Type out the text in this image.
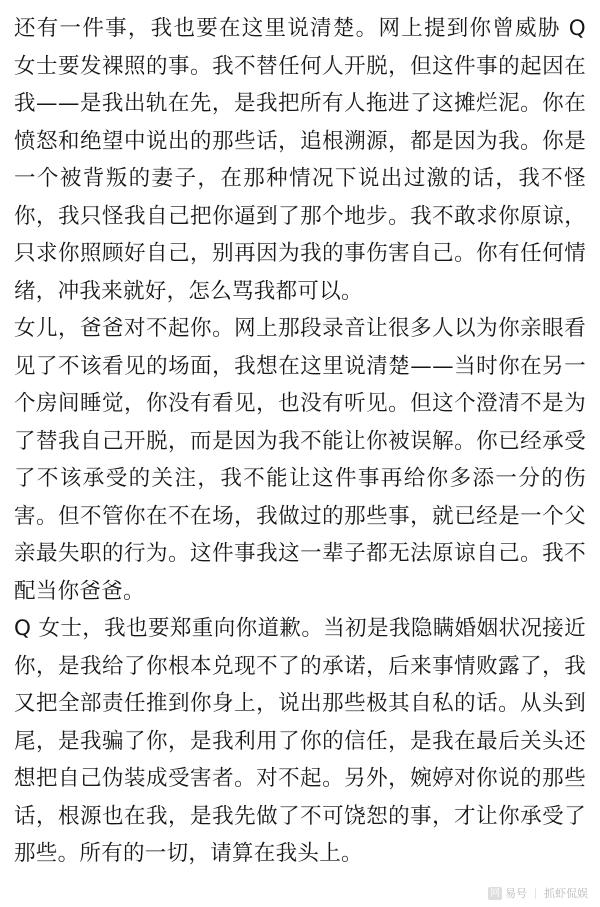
还有一件事，我也要在这里说清楚。网上提到你曾威胁 Q 女士要发裸照的事。我不替任何人开脱，但这件事的起因在我——是我出轨在先，是我把所有人拖进了这摊烂泥。你在愤怒和绝望中说出的那些话，追根溯源，都是因为我。你是一个被背叛的妻子，在那种情况下说出过激的话，我不怪你，我只怪我自己把你逼到了那个地步。我不敢求你原谅，只求你照顾好自己，别再因为我的事伤害自己。你有任何情绪，冲我来就好，怎么骂我都可以。

女儿，爸爸对不起你。网上那段录音让很多人以为你亲眼看见了不该看见的场面，我想在这里说清楚——当时你在另一个房间睡觉，你没有看见，也没有听见。但这个澄清不是为了替我自己开脱，而是因为我不能让你被误解。你已经承受了不该承受的关注，我不能让这件事再给你多添一分的伤害。但不管你在不在场，我做过的那些事，就已经是一个父亲最失职的行为。这件事我这一辈子都无法原谅自己。我不配当你爸爸。

Q 女士，我也要郑重向你道歉。当初是我隐瞒婚姻状况接近你，是我给了你根本兑现不了的承诺，后来事情败露了，我又把全部责任推到你身上，说出那些极其自私的话。从头到尾，是我骗了你，是我利用了你的信任，是我在最后关头还想把自己伪装成受害者。对不起。另外，婉婷对你说的那些话，根源也在我，是我先做了不可饶恕的事，才让你承受了那些。所有的一切，请算在我头上。

网 易号 抓虾侃娱
